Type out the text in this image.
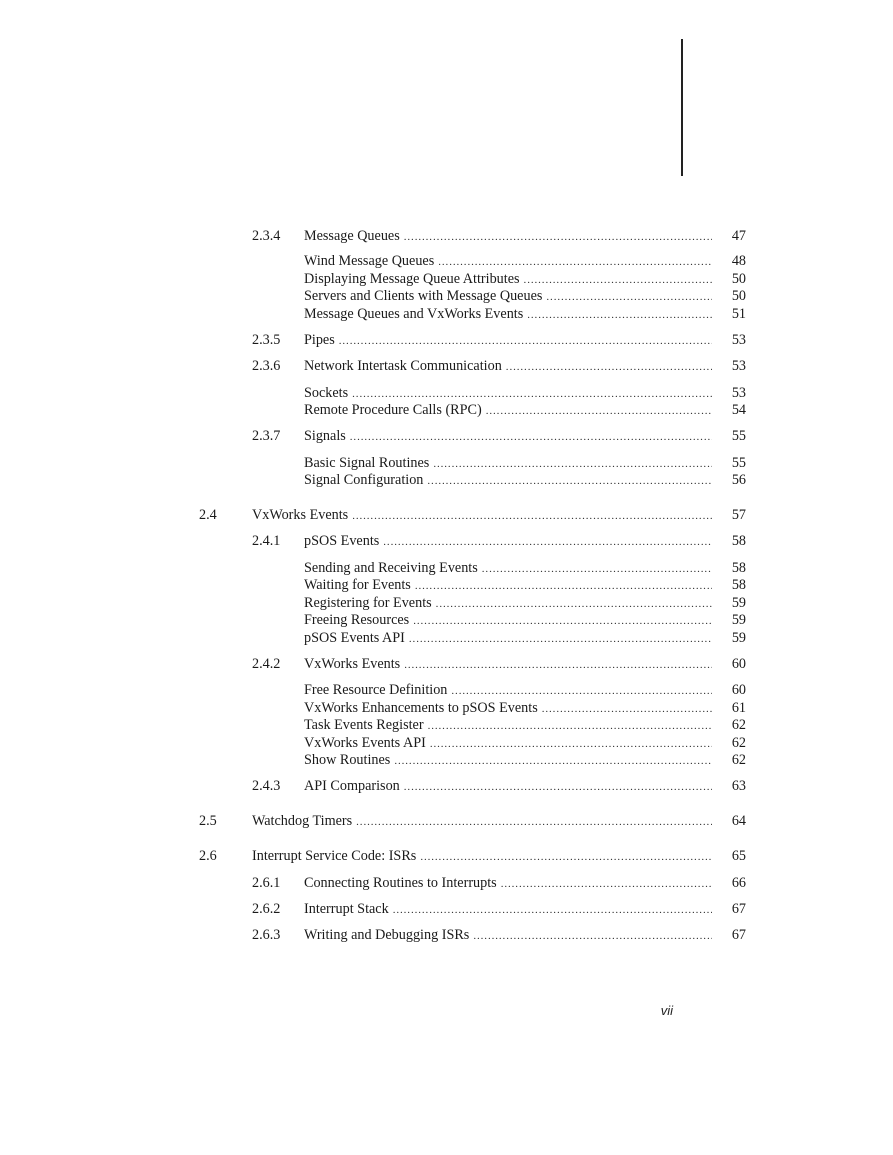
2.3.4 Message Queues .....	47
Wind Message Queues .....	48
Displaying Message Queue Attributes .....	50
Servers and Clients with Message Queues .....	50
Message Queues and VxWorks Events .....	51
2.3.5 Pipes .....	53
2.3.6 Network Intertask Communication .....	53
Sockets .....	53
Remote Procedure Calls (RPC) .....	54
2.3.7 Signals .....	55
Basic Signal Routines .....	55
Signal Configuration .....	56
2.4 VxWorks Events .....	57
2.4.1 pSOS Events .....	58
Sending and Receiving Events .....	58
Waiting for Events .....	58
Registering for Events .....	59
Freeing Resources .....	59
pSOS Events API .....	59
2.4.2 VxWorks Events .....	60
Free Resource Definition .....	60
VxWorks Enhancements to pSOS Events .....	61
Task Events Register .....	62
VxWorks Events API .....	62
Show Routines .....	62
2.4.3 API Comparison .....	63
2.5 Watchdog Timers .....	64
2.6 Interrupt Service Code: ISRs .....	65
2.6.1 Connecting Routines to Interrupts .....	66
2.6.2 Interrupt Stack .....	67
2.6.3 Writing and Debugging ISRs .....	67
vii
